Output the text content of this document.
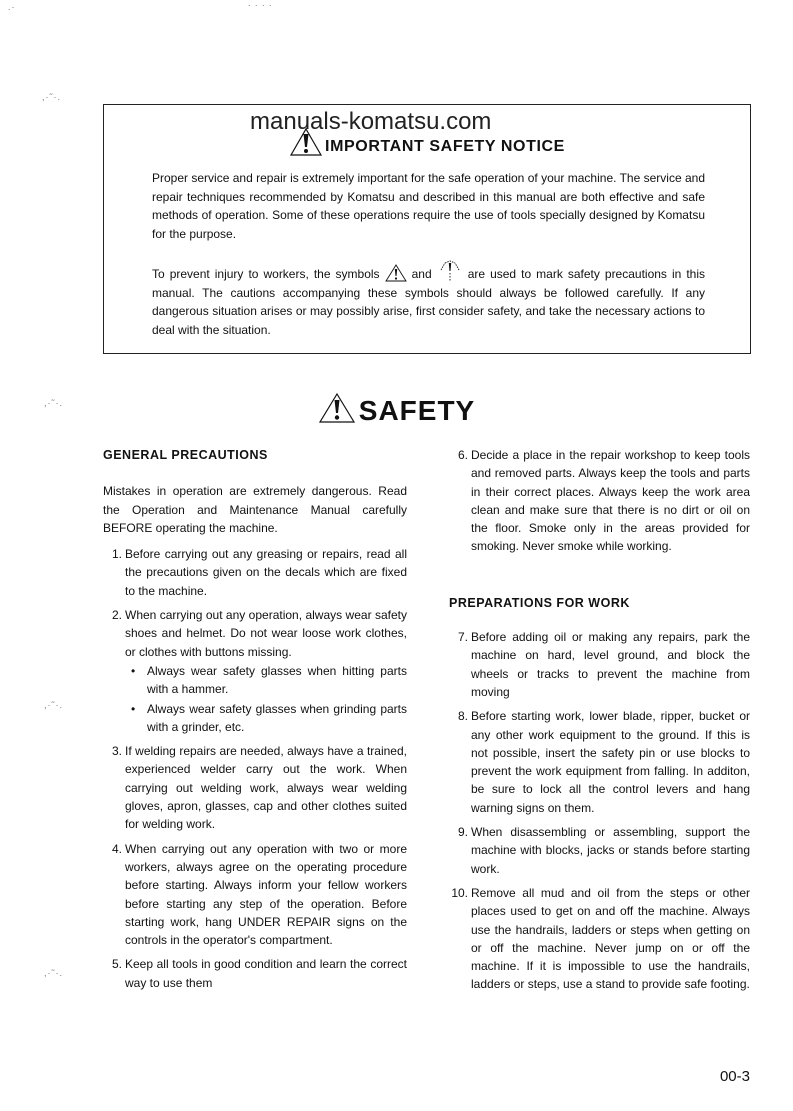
.·	. . . .
,·˜·.
,·˜·.
,·˜·.
,·˜·.
IMPORTANT SAFETY NOTICE

Proper service and repair is extremely important for the safe operation of your machine. The service and repair techniques recommended by Komatsu and described in this manual are both effective and safe methods of operation. Some of these operations require the use of tools specially designed by Komatsu for the purpose.

To prevent injury to workers, the symbols	and	are used to mark safety precautions in this manual. The cautions accompanying these symbols should always be followed carefully. If any dangerous situation arises or may possibly arise, first consider safety, and take the necessary actions to deal with the situation.

manuals-komatsu.com
SAFETY
GENERAL PRECAUTIONS

Mistakes in operation are extremely dangerous. Read the Operation and Maintenance Manual carefully BEFORE operating the machine.

1. Before carrying out any greasing or repairs, read all the precautions given on the decals which are fixed to the machine.
2. When carrying out any operation, always wear safety shoes and helmet. Do not wear loose work clothes, or clothes with buttons missing.
• Always wear safety glasses when hitting parts with a hammer.
• Always wear safety glasses when grinding parts with a grinder, etc.
3. If welding repairs are needed, always have a trained, experienced welder carry out the work. When carrying out welding work, always wear welding gloves, apron, glasses, cap and other clothes suited for welding work.
4. When carrying out any operation with two or more workers, always agree on the operating procedure before starting. Always inform your fellow workers before starting any step of the operation. Before starting work, hang UNDER REPAIR signs on the controls in the operator's compartment.
5. Keep all tools in good condition and learn the correct way to use them
6. Decide a place in the repair workshop to keep tools and removed parts. Always keep the tools and parts in their correct places. Always keep the work area clean and make sure that there is no dirt or oil on the floor. Smoke only in the areas provided for smoking. Never smoke while working.
PREPARATIONS FOR WORK
7. Before adding oil or making any repairs, park the machine on hard, level ground, and block the wheels or tracks to prevent the machine from moving
8. Before starting work, lower blade, ripper, bucket or any other work equipment to the ground. If this is not possible, insert the safety pin or use blocks to prevent the work equipment from falling. In additon, be sure to lock all the control levers and hang warning signs on them.
9. When disassembling or assembling, support the machine with blocks, jacks or stands before starting work.
10. Remove all mud and oil from the steps or other places used to get on and off the machine. Always use the handrails, ladders or steps when getting on or off the machine. Never jump on or off the machine. If it is impossible to use the handrails, ladders or steps, use a stand to provide safe footing.
00-3
